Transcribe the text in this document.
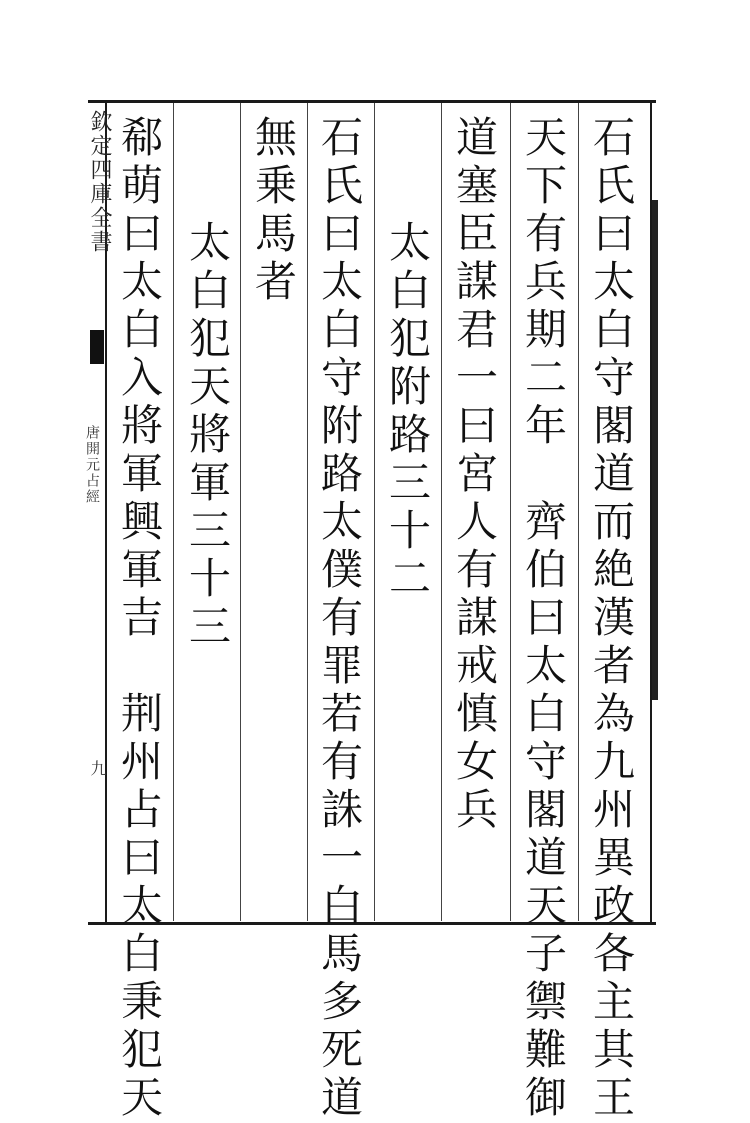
欽定四庫全書
唐開元占經
九	石氏曰太白守閣道而絶漢者為九州異政各主其王
天下有兵期二年　齊伯曰太白守閣道天子禦難御
道塞臣謀君一曰宮人有謀戒慎女兵
太白犯附路三十二
石氏曰太白守附路太僕有罪若有誅一白馬多死道
無乗馬者
太白犯天將軍三十三
郗萌曰太白入將軍興軍吉　荆州占曰太白秉犯天
